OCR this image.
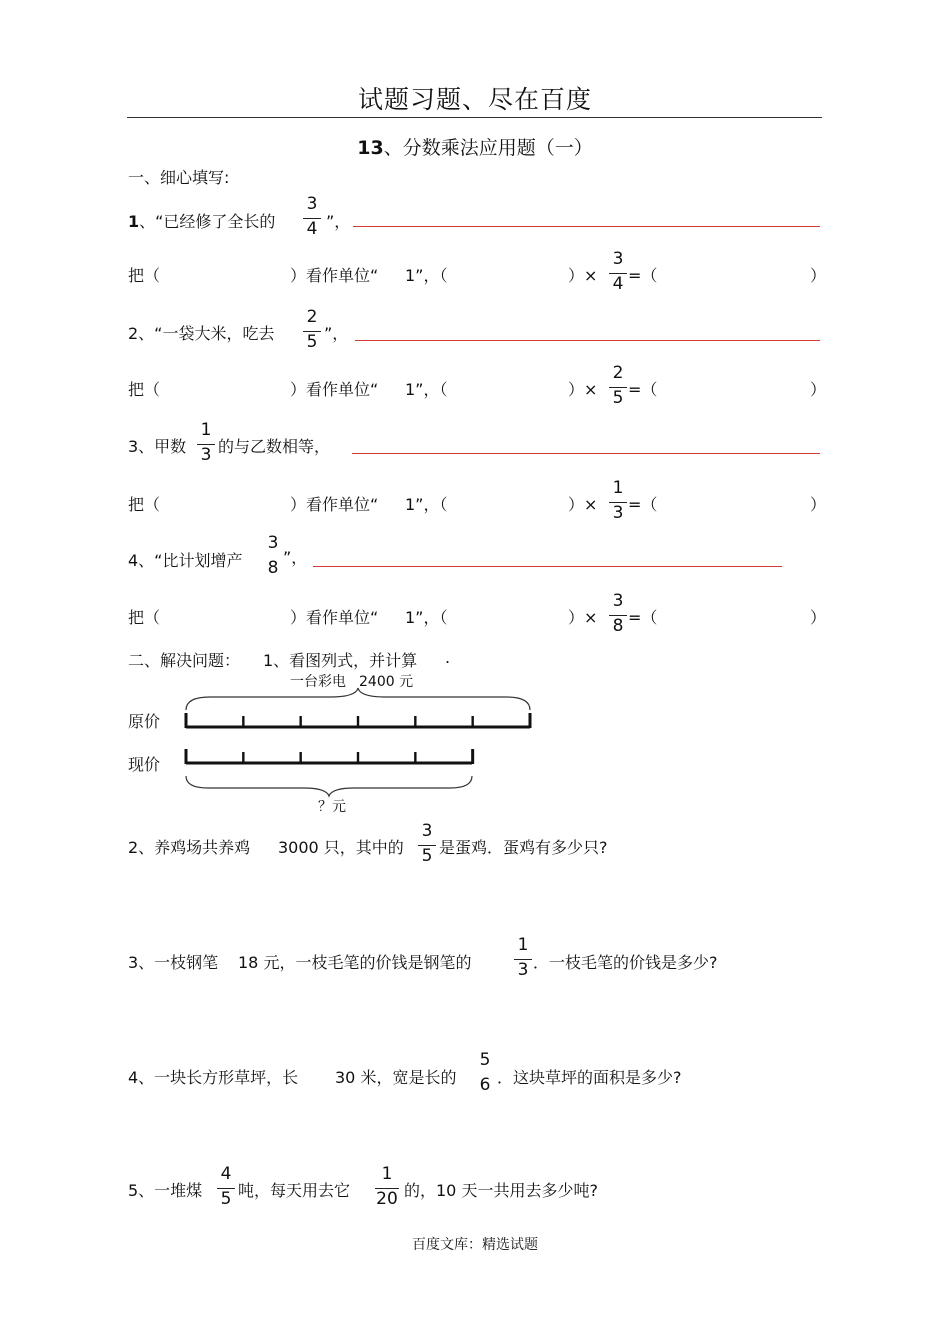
试题习题、尽在百度
13、分数乘法应用题（一）
一、细心填写:
1、“已经修了全长的
3
4 ”，
把（	）看作单位“ 1”，（	）×
3
4 =（	）
2、“一袋大米，吃去
2
5 ”，
把（	）看作单位“ 1”，（	）×
2
5 =（	）
3、甲数
1
3 的与乙数相等，
把（	）看作单位“ 1”，（	）×
1
3 =（	）
4、“比计划增产
3
8
”，
把（	）看作单位“ 1”，（	）×
3
8 =（	）
二、解决问题： 1、看图列式，并计算 .
一台彩电 2400 元
原价
现价
？元
2、养鸡场共养鸡 3000 只，其中的
3
5 是蛋鸡．蛋鸡有多少只?
3、一枝钢笔 18 元，一枝毛笔的价钱是钢笔的
1
3 ．一枝毛笔的价钱是多少?
4、一块长方形草坪，长 30 米，宽是长的
5
6 ．这块草坪的面积是多少?
5、一堆煤
4
5 吨，每天用去它
1
20 的，10 天一共用去多少吨?
百度文库：精选试题
